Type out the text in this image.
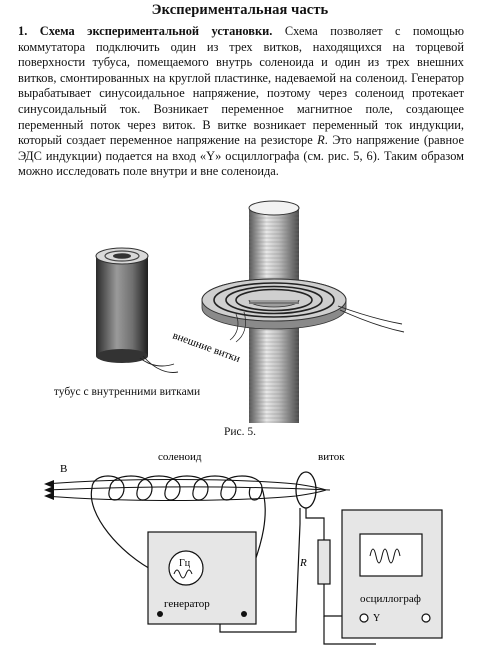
Экспериментальная часть
1. Схема экспериментальной установки. Схема позволяет с помощью коммутатора подключить один из трех витков, находящихся на торцевой поверхности тубуса, помещаемого внутрь соленоида и один из трех внешних витков, смонтированных на круглой пластинке, надеваемой на соленоид. Генератор вырабатывает синусоидальное напряжение, поэтому через соленоид протекает синусоидальный ток. Возникает переменное магнитное поле, создающее переменный поток через виток. В витке возникает переменный ток индукции, который создает переменное напряжение на резисторе R. Это напряжение (равное ЭДС индукции) подается на вход «Y» осциллографа (см. рис. 5, 6). Таким образом можно исследовать поле внутри и вне соленоида.
внешние витки
тубус с внутренними витками
Рис. 5.
B
соленоид	виток
R
Гц
генератор	осциллограф
Y
